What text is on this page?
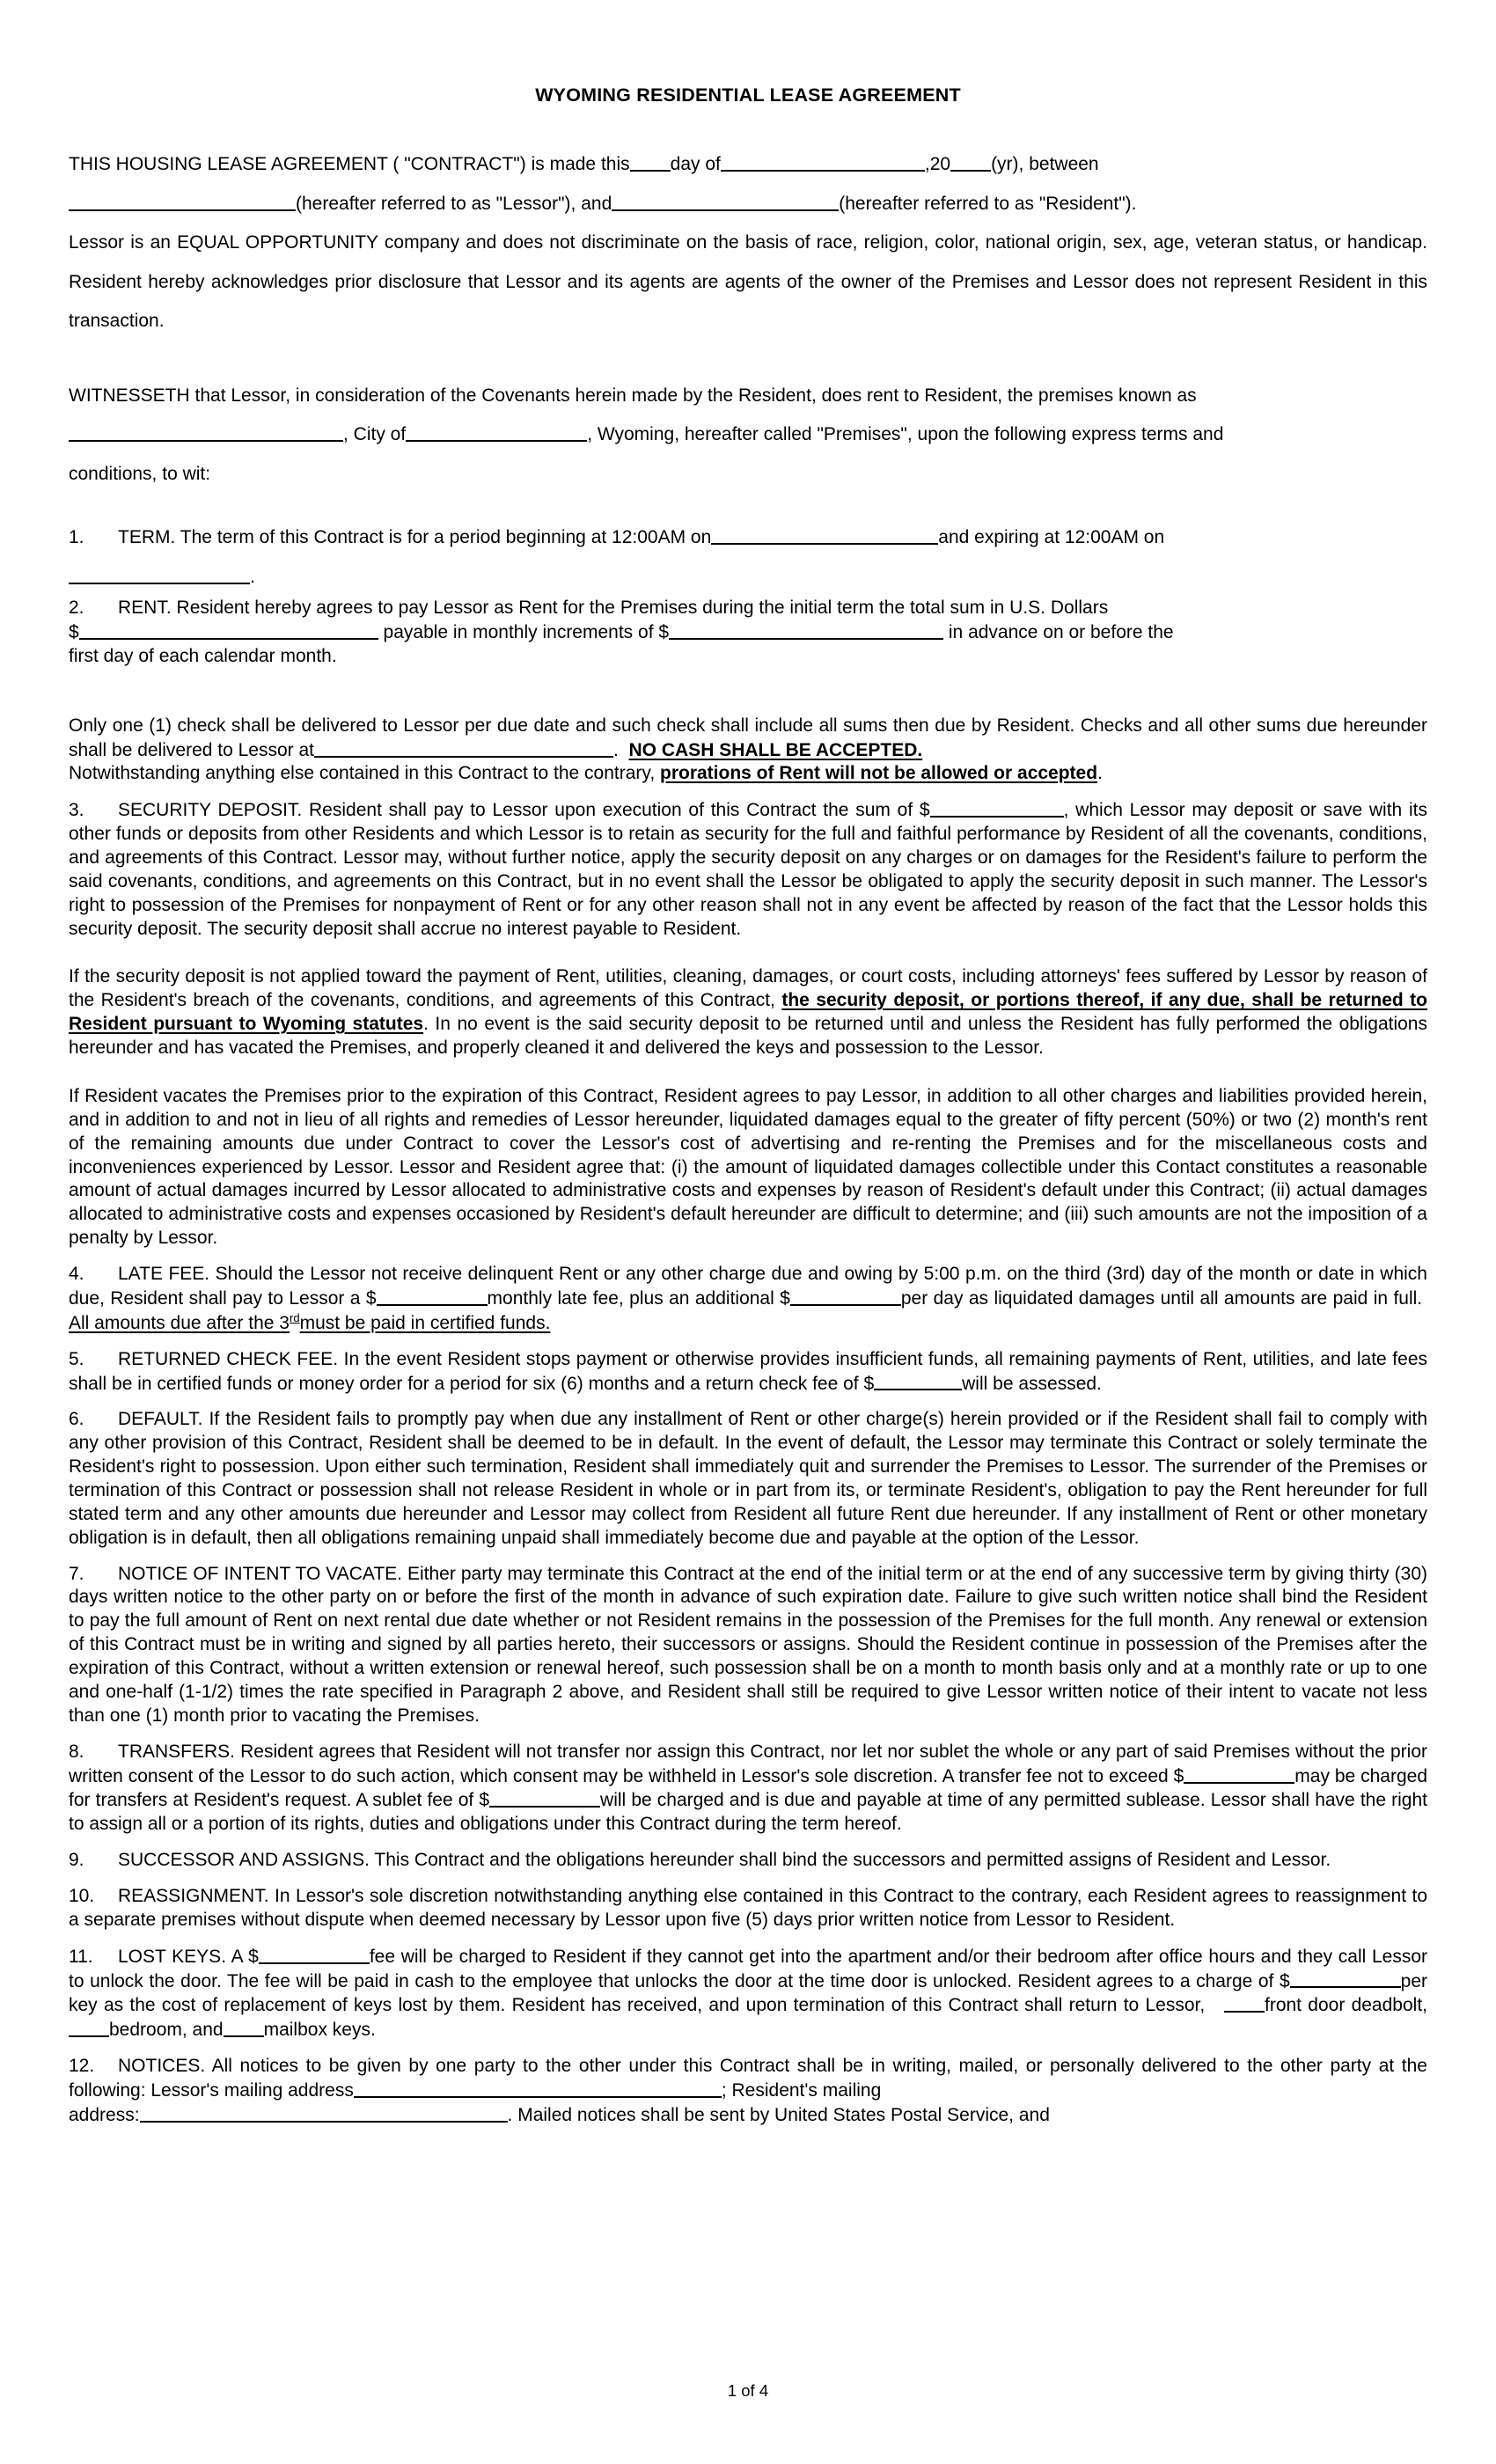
WYOMING RESIDENTIAL LEASE AGREEMENT

THIS HOUSING LEASE AGREEMENT ( "CONTRACT") is made this day of	,20 (yr), between

(hereafter referred to as "Lessor"), and	(hereafter referred to as "Resident").

Lessor is an EQUAL OPPORTUNITY company and does not discriminate on the basis of race, religion, color, national origin, sex, age, veteran status, or handicap. Resident hereby acknowledges prior disclosure that Lessor and its agents are agents of the owner of the Premises and Lessor does not represent Resident in this transaction.

WITNESSETH that Lessor, in consideration of the Covenants herein made by the Resident, does rent to Resident, the premises known as

, City of	, Wyoming, hereafter called "Premises", upon the following express terms and

conditions, to wit:

1. TERM. The term of this Contract is for a period beginning at 12:00AM on	and expiring at 12:00AM on

.

2. RENT. Resident hereby agrees to pay Lessor as Rent for the Premises during the initial term the total sum in U.S. Dollars

$	payable in monthly increments of $	in advance on or before the

first day of each calendar month.

Only one (1) check shall be delivered to Lessor per due date and such check shall include all sums then due by Resident. Checks and all other sums due hereunder shall be delivered to Lessor at	. NO CASH SHALL BE ACCEPTED.

Notwithstanding anything else contained in this Contract to the contrary, prorations of Rent will not be allowed or accepted.

3. SECURITY DEPOSIT. Resident shall pay to Lessor upon execution of this Contract the sum of $	, which Lessor may deposit or save with its other funds or deposits from other Residents and which Lessor is to retain as security for the full and faithful performance by Resident of all the covenants, conditions, and agreements of this Contract. Lessor may, without further notice, apply the security deposit on any charges or on damages for the Resident's failure to perform the said covenants, conditions, and agreements on this Contract, but in no event shall the Lessor be obligated to apply the security deposit in such manner. The Lessor's right to possession of the Premises for nonpayment of Rent or for any other reason shall not in any event be affected by reason of the fact that the Lessor holds this security deposit. The security deposit shall accrue no interest payable to Resident.

If the security deposit is not applied toward the payment of Rent, utilities, cleaning, damages, or court costs, including attorneys' fees suffered by Lessor by reason of the Resident's breach of the covenants, conditions, and agreements of this Contract, the security deposit, or portions thereof, if any due, shall be returned to Resident pursuant to Wyoming statutes. In no event is the said security deposit to be returned until and unless the Resident has fully performed the obligations hereunder and has vacated the Premises, and properly cleaned it and delivered the keys and possession to the Lessor.

If Resident vacates the Premises prior to the expiration of this Contract, Resident agrees to pay Lessor, in addition to all other charges and liabilities provided herein, and in addition to and not in lieu of all rights and remedies of Lessor hereunder, liquidated damages equal to the greater of fifty percent (50%) or two (2) month's rent of the remaining amounts due under Contract to cover the Lessor's cost of advertising and re-renting the Premises and for the miscellaneous costs and inconveniences experienced by Lessor. Lessor and Resident agree that: (i) the amount of liquidated damages collectible under this Contact constitutes a reasonable amount of actual damages incurred by Lessor allocated to administrative costs and expenses by reason of Resident's default under this Contract; (ii) actual damages allocated to administrative costs and expenses occasioned by Resident's default hereunder are difficult to determine; and (iii) such amounts are not the imposition of a penalty by Lessor.

4. LATE FEE. Should the Lessor not receive delinquent Rent or any other charge due and owing by 5:00 p.m. on the third (3rd) day of the month or date in which due, Resident shall pay to Lessor a $	monthly late fee, plus an additional $	per day as liquidated damages until all amounts are paid in full.  All amounts due after the 3rdmust be paid in certified funds.

5. RETURNED CHECK FEE. In the event Resident stops payment or otherwise provides insufficient funds, all remaining payments of Rent, utilities, and late fees shall be in certified funds or money order for a period for six (6) months and a return check fee of $	will be assessed.

6. DEFAULT. If the Resident fails to promptly pay when due any installment of Rent or other charge(s) herein provided or if the Resident shall fail to comply with any other provision of this Contract, Resident shall be deemed to be in default. In the event of default, the Lessor may terminate this Contract or solely terminate the Resident's right to possession. Upon either such termination, Resident shall immediately quit and surrender the Premises to Lessor. The surrender of the Premises or termination of this Contract or possession shall not release Resident in whole or in part from its, or terminate Resident's, obligation to pay the Rent hereunder for full stated term and any other amounts due hereunder and Lessor may collect from Resident all future Rent due hereunder. If any installment of Rent or other monetary obligation is in default, then all obligations remaining unpaid shall immediately become due and payable at the option of the Lessor.

7. NOTICE OF INTENT TO VACATE. Either party may terminate this Contract at the end of the initial term or at the end of any successive term by giving thirty (30) days written notice to the other party on or before the first of the month in advance of such expiration date. Failure to give such written notice shall bind the Resident to pay the full amount of Rent on next rental due date whether or not Resident remains in the possession of the Premises for the full month. Any renewal or extension of this Contract must be in writing and signed by all parties hereto, their successors or assigns. Should the Resident continue in possession of the Premises after the expiration of this Contract, without a written extension or renewal hereof, such possession shall be on a month to month basis only and at a monthly rate or up to one and one-half (1-1/2) times the rate specified in Paragraph 2 above, and Resident shall still be required to give Lessor written notice of their intent to vacate not less than one (1) month prior to vacating the Premises.

8. TRANSFERS. Resident agrees that Resident will not transfer nor assign this Contract, nor let nor sublet the whole or any part of said Premises without the prior written consent of the Lessor to do such action, which consent may be withheld in Lessor's sole discretion. A transfer fee not to exceed $	may be charged for transfers at Resident's request. A sublet fee of $	will be charged and is due and payable at time of any permitted sublease. Lessor shall have the right to assign all or a portion of its rights, duties and obligations under this Contract during the term hereof.

9. SUCCESSOR AND ASSIGNS. This Contract and the obligations hereunder shall bind the successors and permitted assigns of Resident and Lessor.

10. REASSIGNMENT. In Lessor's sole discretion notwithstanding anything else contained in this Contract to the contrary, each Resident agrees to reassignment to a separate premises without dispute when deemed necessary by Lessor upon five (5) days prior written notice from Lessor to Resident.

11. LOST KEYS. A $	fee will be charged to Resident if they cannot get into the apartment and/or their bedroom after office hours and they call Lessor to unlock the door. The fee will be paid in cash to the employee that unlocks the door at the time door is unlocked. Resident agrees to a charge of $	per key as the cost of replacement of keys lost by them. Resident has received, and upon termination of this Contract shall return to Lessor,	front door deadbolt,bedroom, and mailbox keys.

12. NOTICES. All notices to be given by one party to the other under this Contract shall be in writing, mailed, or personally delivered to the other party at the following: Lessor's mailing address	; Resident's mailing

address:	. Mailed notices shall be sent by United States Postal Service, and

1 of 4
